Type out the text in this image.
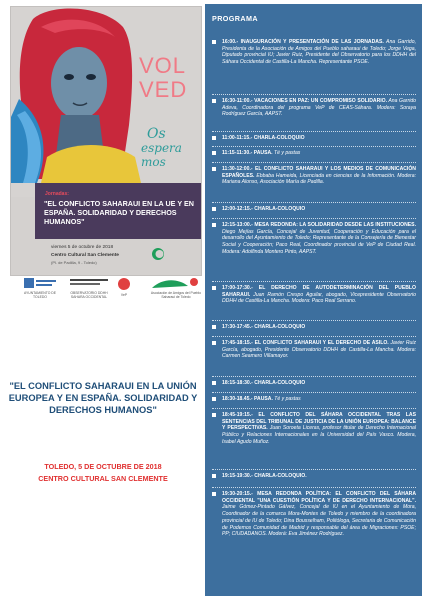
VOL
VED
Os
espera mos
Jornadas:
"EL CONFLICTO SAHARAUI EN LA UE Y EN ESPAÑA. SOLIDARIDAD Y DERECHOS HUMANOS"
viernes 5 de octubre de 2018
Centro Cultural San Clemente
(Pl. de Padilla, 9 - Toledo)
AYUNTAMIENTO DE TOLEDO
OBSERVATORIO DDHH SAHARA OCCIDENTAL	VeP	Asociación de Amigos del Pueblo Saharaui de Toledo
"EL CONFLICTO SAHARAUI EN LA UNIÓN EUROPEA Y EN ESPAÑA. SOLIDARIDAD Y DERECHOS HUMANOS"
TOLEDO, 5 DE OCTUBRE DE 2018
CENTRO CULTURAL SAN CLEMENTE
PROGRAMA
16:00.- INAUGURACIÓN Y PRESENTACIÓN DE LAS JORNADAS. Ana Garrido, Presidenta de la Asociación de Amigos del Pueblo saharaui de Toledo; Jorge Vega, Diputado provincial IU; Javier Ruiz, Presidente del Observatorio para los DDHH del Sáhara Occidental de Castilla-La Mancha. Representante PSOE.
16:30-11:00.- VACACIONES EN PAZ: UN COMPROMISO SOLIDARIO. Ana Garrido Adeva, Coordinadora del programa VeP de CEAS-Sáhara. Modera: Soraya Rodríguez García, AAPST.
11:00-11:15.- CHARLA-COLOQUIO
11:15-11:30.- PAUSA. Té y pastas
11:30-12:00.- EL CONFLICTO SAHARAUI Y LOS MEDIOS DE COMUNICACIÓN ESPAÑOLES. Ebbaba Hameida, Licenciada en ciencias de la Información. Modera: Mariana Alonso, Asociación María de Padilla.
12:00-12:15.- CHARLA-COLOQUIO
12:15-13:00.- MESA REDONDA: LA SOLIDARIDAD DESDE LAS INSTITUCIONES. Diego Mejías García, Concejal de Juventud, Cooperación y Educación para el desarrollo del Ayuntamiento de Toledo; Representante de la Consejería de Bienestar Social y Cooperación; Paco Real, Coordinador provincial de VeP de Ciudad Real. Modera: Adolfinda Montero Pinto, AAPST.
17:00-17:30.- EL DERECHO DE AUTODETERMINACIÓN DEL PUEBLO SAHARAUI. Juan Ramón Crespo Aguilar, abogado, Vicepresidente Observatorio DDHH de Castilla-La Mancha. Modera: Paco Real Serrano.
17:30-17:45.- CHARLA-COLOQUIO
17:45-18:15.- EL CONFLICTO SAHARAUI Y EL DERECHO DE ASILO. Javier Ruiz García, abogado, Presidente Observatorio DDHH de Castilla-La Mancha. Modera: Carmen Seamero Villamayor.
18:15-18:30.- CHARLA-COLOQUIO
18:30-18.45.- PAUSA. Té y pastas
18:45-19:15.- EL CONFLICTO DEL SÁHARA OCCIDENTAL TRAS LAS SENTENCIAS DEL TRIBUNAL DE JUSTICIA DE LA UNIÓN EUROPEA: BALANCE Y PERSPECTIVAS. Juan Soroeta Liceras, profesor titular de Derecho Internacional Público y Relaciones Internacionales en la Universidad del País Vasco. Modera, Isabel Agudo Muñoz.
19:15-19:30.- CHARLA-COLOQUIO.
19:30-20:15.- MESA REDONDA POLÍTICA: EL CONFLICTO DEL SÁHARA OCCIDENTAL "UNA CUESTIÓN POLÍTICA Y DE DERECHO INTERNACIONAL". Jaime Gómez-Pintado Gálvez, Concejal de IU en el Ayuntamiento de Mora, Coordinador de la comarca Mora-Montes de Toledo y miembro de la coordinadora provincial de IU de Toledo; Dina Bousselham, Politóloga, Secretaria de Comunicación de Podemos Comunidad de Madrid y responsable del área de Migraciones: PSOE; PP; CIUDADANOS. Moderá: Eva Jiménez Rodríguez.
